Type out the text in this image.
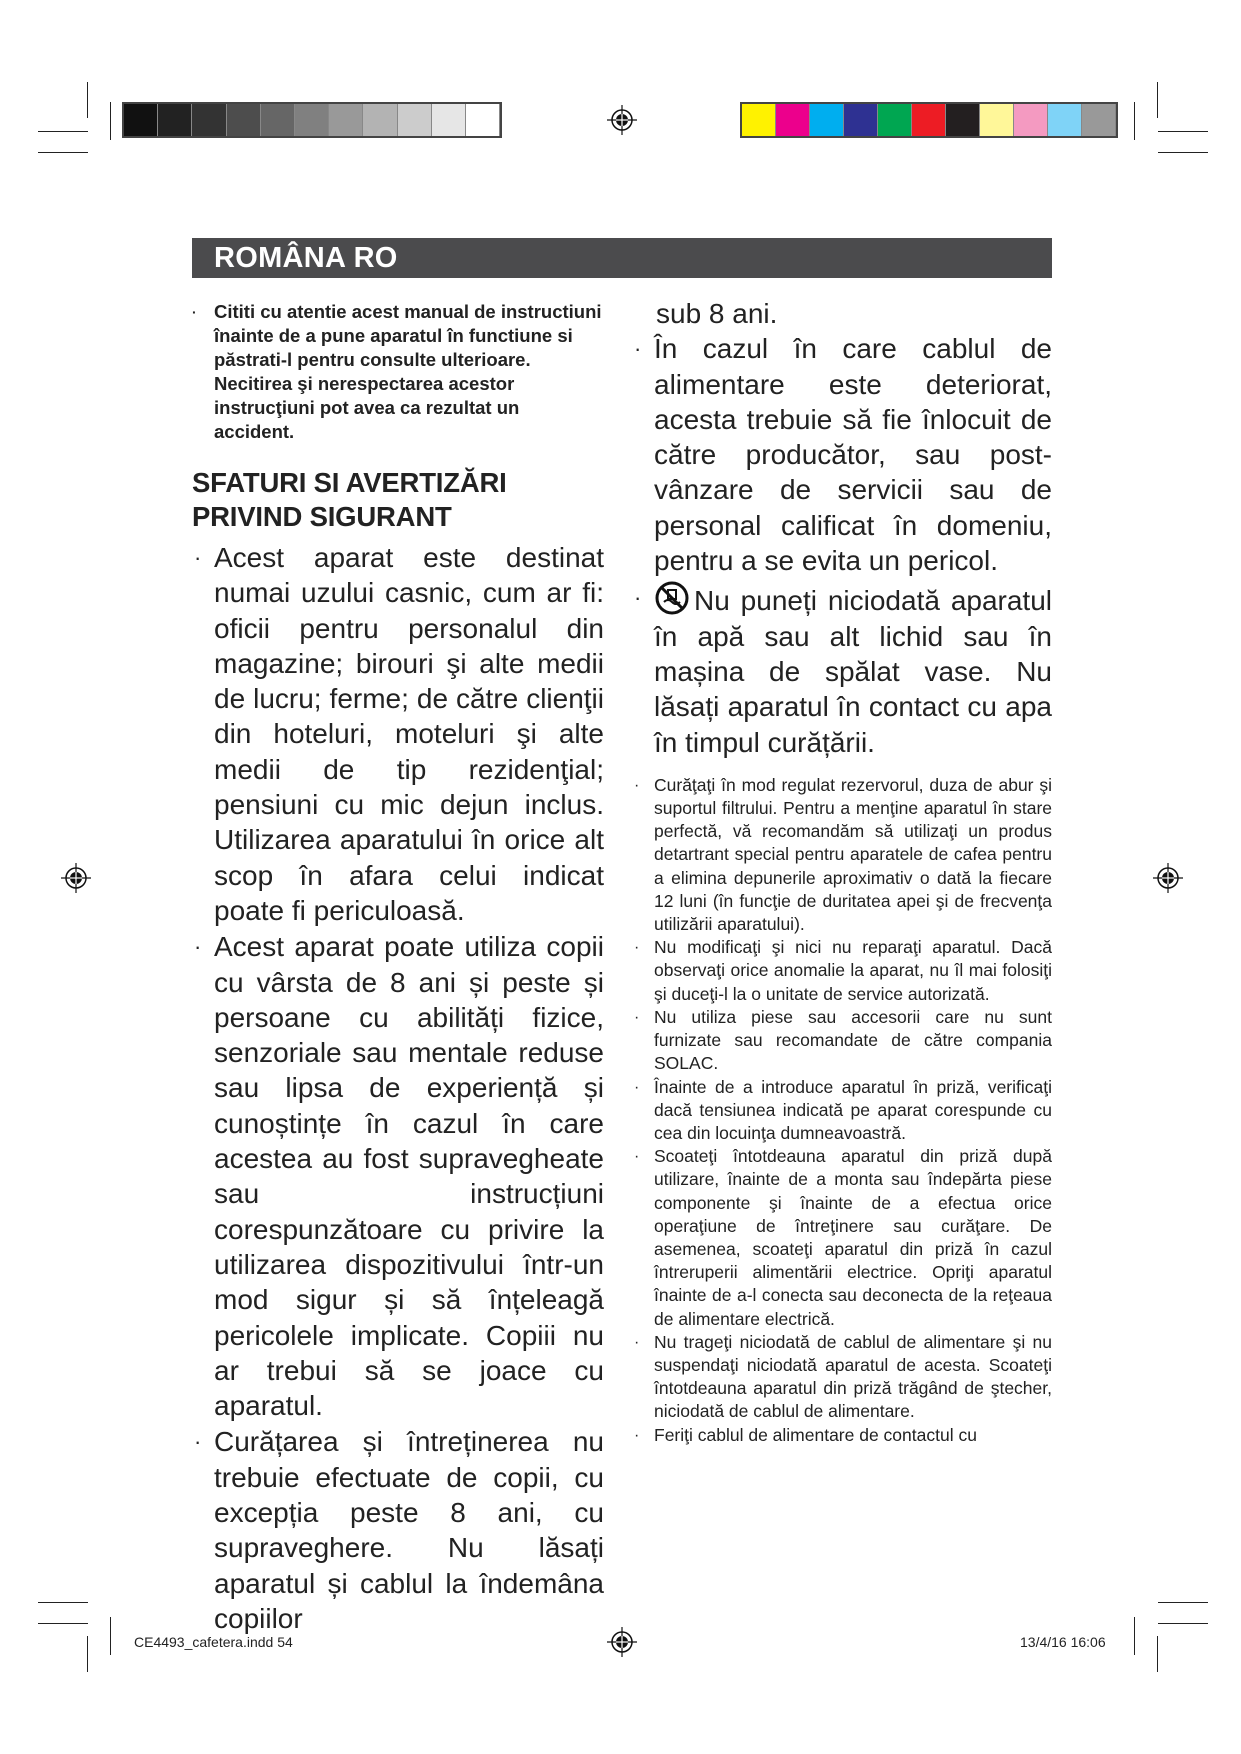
ROMÂNA RO

· Cititi cu atentie acest manual de instructiuni înainte de a pune aparatul în functiune si păstrati-l pentru consulte ulterioare. Necitirea şi nerespectarea acestor instrucţiuni pot avea ca rezultat un accident.

SFATURI SI AVERTIZĂRI PRIVIND SIGURANT

· Acest aparat este destinat numai uzului casnic, cum ar fi: oficii pentru personalul din magazine; birouri şi alte medii de lucru; ferme; de către clienţii din hoteluri, moteluri şi alte medii de tip rezidenţial; pensiuni cu mic dejun inclus. Utilizarea aparatului în orice alt scop în afara celui indicat poate fi periculoasă.

· Acest aparat poate utiliza copii cu vârsta de 8 ani și peste și persoane cu abilități fizice, senzoriale sau mentale reduse sau lipsa de experiență și cunoștințe în cazul în care acestea au fost supravegheate sau instrucțiuni corespunzătoare cu privire la utilizarea dispozitivului într-un mod sigur și să înțeleagă pericolele implicate. Copiii nu ar trebui să se joace cu aparatul.

· Curățarea și întreținerea nu trebuie efectuate de copii, cu excepția peste 8 ani, cu supraveghere. Nu lăsați aparatul și cablul la îndemâna copiilor

sub 8 ani.

· În cazul în care cablul de alimentare este deteriorat, acesta trebuie să fie înlocuit de către producător, sau post-vânzare de servicii sau de personal calificat în domeniu, pentru a se evita un pericol.

· Nu puneți niciodată aparatul în apă sau alt lichid sau în mașina de spălat vase. Nu lăsați aparatul în contact cu apa în timpul curățării.

· Curăţaţi în mod regulat rezervorul, duza de abur şi suportul filtrului. Pentru a menţine aparatul în stare perfectă, vă recomandăm să utilizaţi un produs detartrant special pentru aparatele de cafea pentru a elimina depunerile aproximativ o dată la fiecare 12 luni (în funcţie de duritatea apei şi de frecvenţa utilizării aparatului).

· Nu modificaţi şi nici nu reparaţi aparatul. Dacă observaţi orice anomalie la aparat, nu îl mai folosiţi şi duceţi-l la o unitate de service autorizată.

· Nu utiliza piese sau accesorii care nu sunt furnizate sau recomandate de către compania SOLAC.

· Înainte de a introduce aparatul în priză, verificaţi dacă tensiunea indicată pe aparat corespunde cu cea din locuinţa dumneavoastră.

· Scoateţi întotdeauna aparatul din priză după utilizare, înainte de a monta sau îndepărta piese componente şi înainte de a efectua orice operaţiune de întreţinere sau curăţare. De asemenea, scoateţi aparatul din priză în cazul întreruperii alimentării electrice. Opriţi aparatul înainte de a-l conecta sau deconecta de la reţeaua de alimentare electrică.

· Nu trageţi niciodată de cablul de alimentare şi nu suspendaţi niciodată aparatul de acesta. Scoateţi întotdeauna aparatul din priză trăgând de ştecher, niciodată de cablul de alimentare.

· Feriţi cablul de alimentare de contactul cu

CE4493_cafetera.indd 54	13/4/16 16:06
